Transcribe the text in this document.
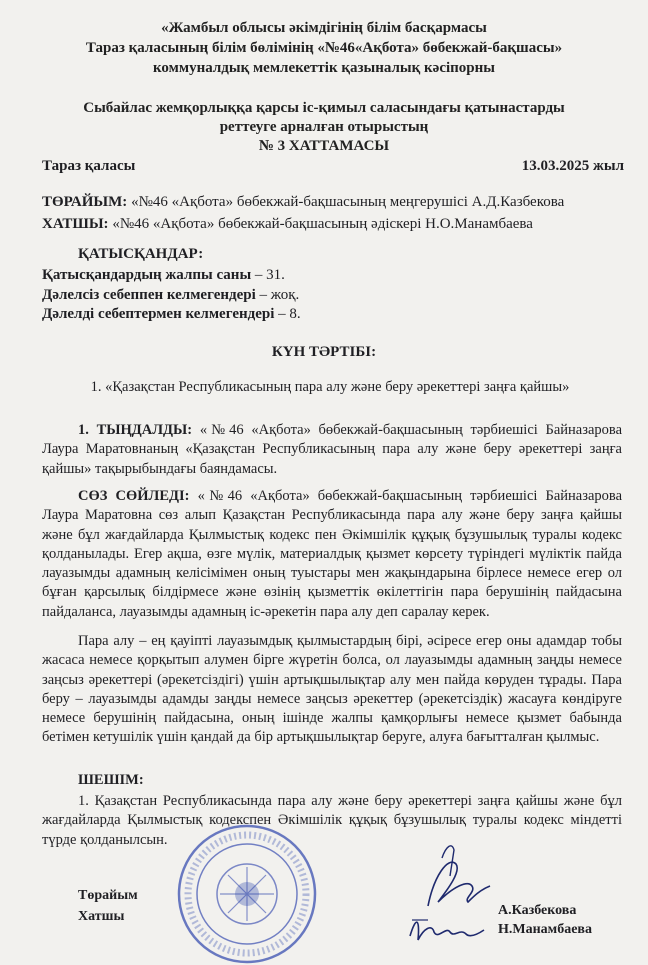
«Жамбыл облысы әкімдігінің білім басқармасы
Тараз қаласының білім бөлімінің «№46«Ақбота» бөбекжай-бақшасы»
коммуналдық мемлекеттік қазыналық кәсіпорны
Сыбайлас жемқорлыққа қарсы іс-қимыл саласындағы қатынастарды
реттеуге арналған отырыстың
№ 3 ХАТТАМАСЫ
Тараз қаласы	13.03.2025 жыл
ТӨРАЙЫМ: «№46 «Ақбота» бөбекжай-бақшасының меңгерушісі А.Д.Казбекова
ХАТШЫ: «№46 «Ақбота» бөбекжай-бақшасының әдіскері Н.О.Манамбаева
ҚАТЫСҚАНДАР:
Қатысқандардың жалпы саны – 31.
Дәлелсіз себеппен келмегендері – жоқ.
Дәлелді себептермен келмегендері – 8.
КҮН ТӘРТІБІ:
1. «Қазақстан Республикасының пара алу және беру әрекеттері заңға қайшы»
1. ТЫҢДАЛДЫ: «№46 «Ақбота» бөбекжай-бақшасының тәрбиешісі Байназарова Лаура Маратовнаның «Қазақстан Республикасының пара алу және беру әрекеттері заңға қайшы» тақырыбындағы баяндамасы.
СӨЗ СӨЙЛЕДІ: «№46 «Ақбота» бөбекжай-бақшасының тәрбиешісі Байназарова Лаура Маратовна сөз алып Қазақстан Республикасында пара алу және беру заңға қайшы және бұл жағдайларда Қылмыстық кодекс пен Әкімшілік құқық бұзушылық туралы кодекс қолданылады. Егер ақша, өзге мүлік, материалдық қызмет көрсету түріндегі мүліктік пайда лауазымды адамның келісімімен оның туыстары мен жақындарына бірлесе немесе егер ол бұған қарсылық білдірмесе және өзінің қызметтік өкілеттігін пара берушінің пайдасына пайдаланса, лауазымды адамның іс-әрекетін пара алу деп саралау керек.
Пара алу – ең қауіпті лауазымдық қылмыстардың бірі, әсіресе егер оны адамдар тобы жасаса немесе қорқытып алумен бірге жүретін болса, ол лауазымды адамның заңды немесе заңсыз әрекеттері (әрекетсіздігі) үшін артықшылықтар алу мен пайда көруден тұрады. Пара беру – лауазымды адамды заңды немесе заңсыз әрекеттер (әрекетсіздік) жасауға көндіруге немесе берушінің пайдасына, оның ішінде жалпы қамқорлығы немесе қызмет бабында бетімен кетушілік үшін қандай да бір артықшылықтар беруге, алуға бағытталған қылмыс.
ШЕШІМ:
1. Қазақстан Республикасында пара алу және беру әрекеттері заңға қайшы және бұл жағдайларда Қылмыстық кодекспен Әкімшілік құқық бұзушылық туралы кодекс міндетті түрде қолданылсын.
Төрайым
Хатшы	А.Казбекова
Н.Манамбаева
